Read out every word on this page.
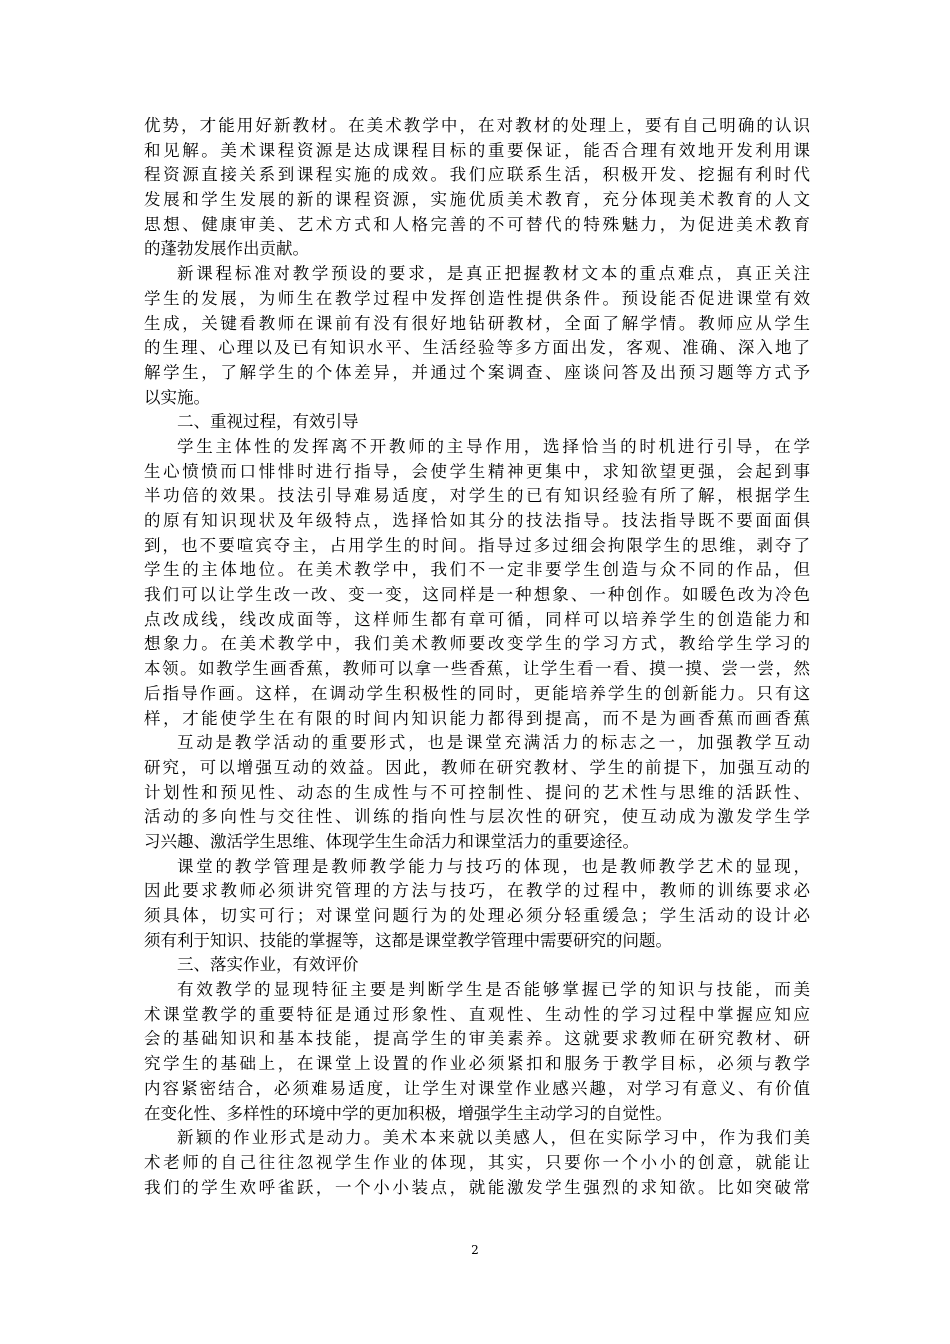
优势，才能用好新教材。在美术教学中，在对教材的处理上，要有自己明确的认识
和见解。美术课程资源是达成课程目标的重要保证，能否合理有效地开发利用课
程资源直接关系到课程实施的成效。我们应联系生活，积极开发、挖掘有利时代
发展和学生发展的新的课程资源，实施优质美术教育，充分体现美术教育的人文
思想、健康审美、艺术方式和人格完善的不可替代的特殊魅力，为促进美术教育
的蓬勃发展作出贡献。
新课程标准对教学预设的要求，是真正把握教材文本的重点难点，真正关注
学生的发展，为师生在教学过程中发挥创造性提供条件。预设能否促进课堂有效
生成，关键看教师在课前有没有很好地钻研教材，全面了解学情。教师应从学生
的生理、心理以及已有知识水平、生活经验等多方面出发，客观、准确、深入地了
解学生，了解学生的个体差异，并通过个案调查、座谈问答及出预习题等方式予
以实施。
二、重视过程，有效引导
学生主体性的发挥离不开教师的主导作用，选择恰当的时机进行引导，在学
生心愤愤而口悱悱时进行指导，会使学生精神更集中，求知欲望更强，会起到事
半功倍的效果。技法引导难易适度，对学生的已有知识经验有所了解，根据学生
的原有知识现状及年级特点，选择恰如其分的技法指导。技法指导既不要面面俱
到，也不要喧宾夺主，占用学生的时间。指导过多过细会拘限学生的思维，剥夺了
学生的主体地位。在美术教学中，我们不一定非要学生创造与众不同的作品，但
我们可以让学生改一改、变一变，这同样是一种想象、一种创作。如暖色改为冷色
点改成线，线改成面等，这样师生都有章可循，同样可以培养学生的创造能力和
想象力。在美术教学中，我们美术教师要改变学生的学习方式，教给学生学习的
本领。如教学生画香蕉，教师可以拿一些香蕉，让学生看一看、摸一摸、尝一尝，然
后指导作画。这样，在调动学生积极性的同时，更能培养学生的创新能力。只有这
样，才能使学生在有限的时间内知识能力都得到提高，而不是为画香蕉而画香蕉
互动是教学活动的重要形式，也是课堂充满活力的标志之一，加强教学互动
研究，可以增强互动的效益。因此，教师在研究教材、学生的前提下，加强互动的
计划性和预见性、动态的生成性与不可控制性、提问的艺术性与思维的活跃性、
活动的多向性与交往性、训练的指向性与层次性的研究，使互动成为激发学生学
习兴趣、激活学生思维、体现学生生命活力和课堂活力的重要途径。
课堂的教学管理是教师教学能力与技巧的体现，也是教师教学艺术的显现，
因此要求教师必须讲究管理的方法与技巧，在教学的过程中，教师的训练要求必
须具体，切实可行；对课堂问题行为的处理必须分轻重缓急；学生活动的设计必
须有利于知识、技能的掌握等，这都是课堂教学管理中需要研究的问题。
三、落实作业，有效评价
有效教学的显现特征主要是判断学生是否能够掌握已学的知识与技能，而美
术课堂教学的重要特征是通过形象性、直观性、生动性的学习过程中掌握应知应
会的基础知识和基本技能，提高学生的审美素养。这就要求教师在研究教材、研
究学生的基础上，在课堂上设置的作业必须紧扣和服务于教学目标，必须与教学
内容紧密结合，必须难易适度，让学生对课堂作业感兴趣，对学习有意义、有价值
在变化性、多样性的环境中学的更加积极，增强学生主动学习的自觉性。
新颖的作业形式是动力。美术本来就以美感人，但在实际学习中，作为我们美
术老师的自己往往忽视学生作业的体现，其实，只要你一个小小的创意，就能让
我们的学生欢呼雀跃，一个小小装点，就能激发学生强烈的求知欲。比如突破常
2
